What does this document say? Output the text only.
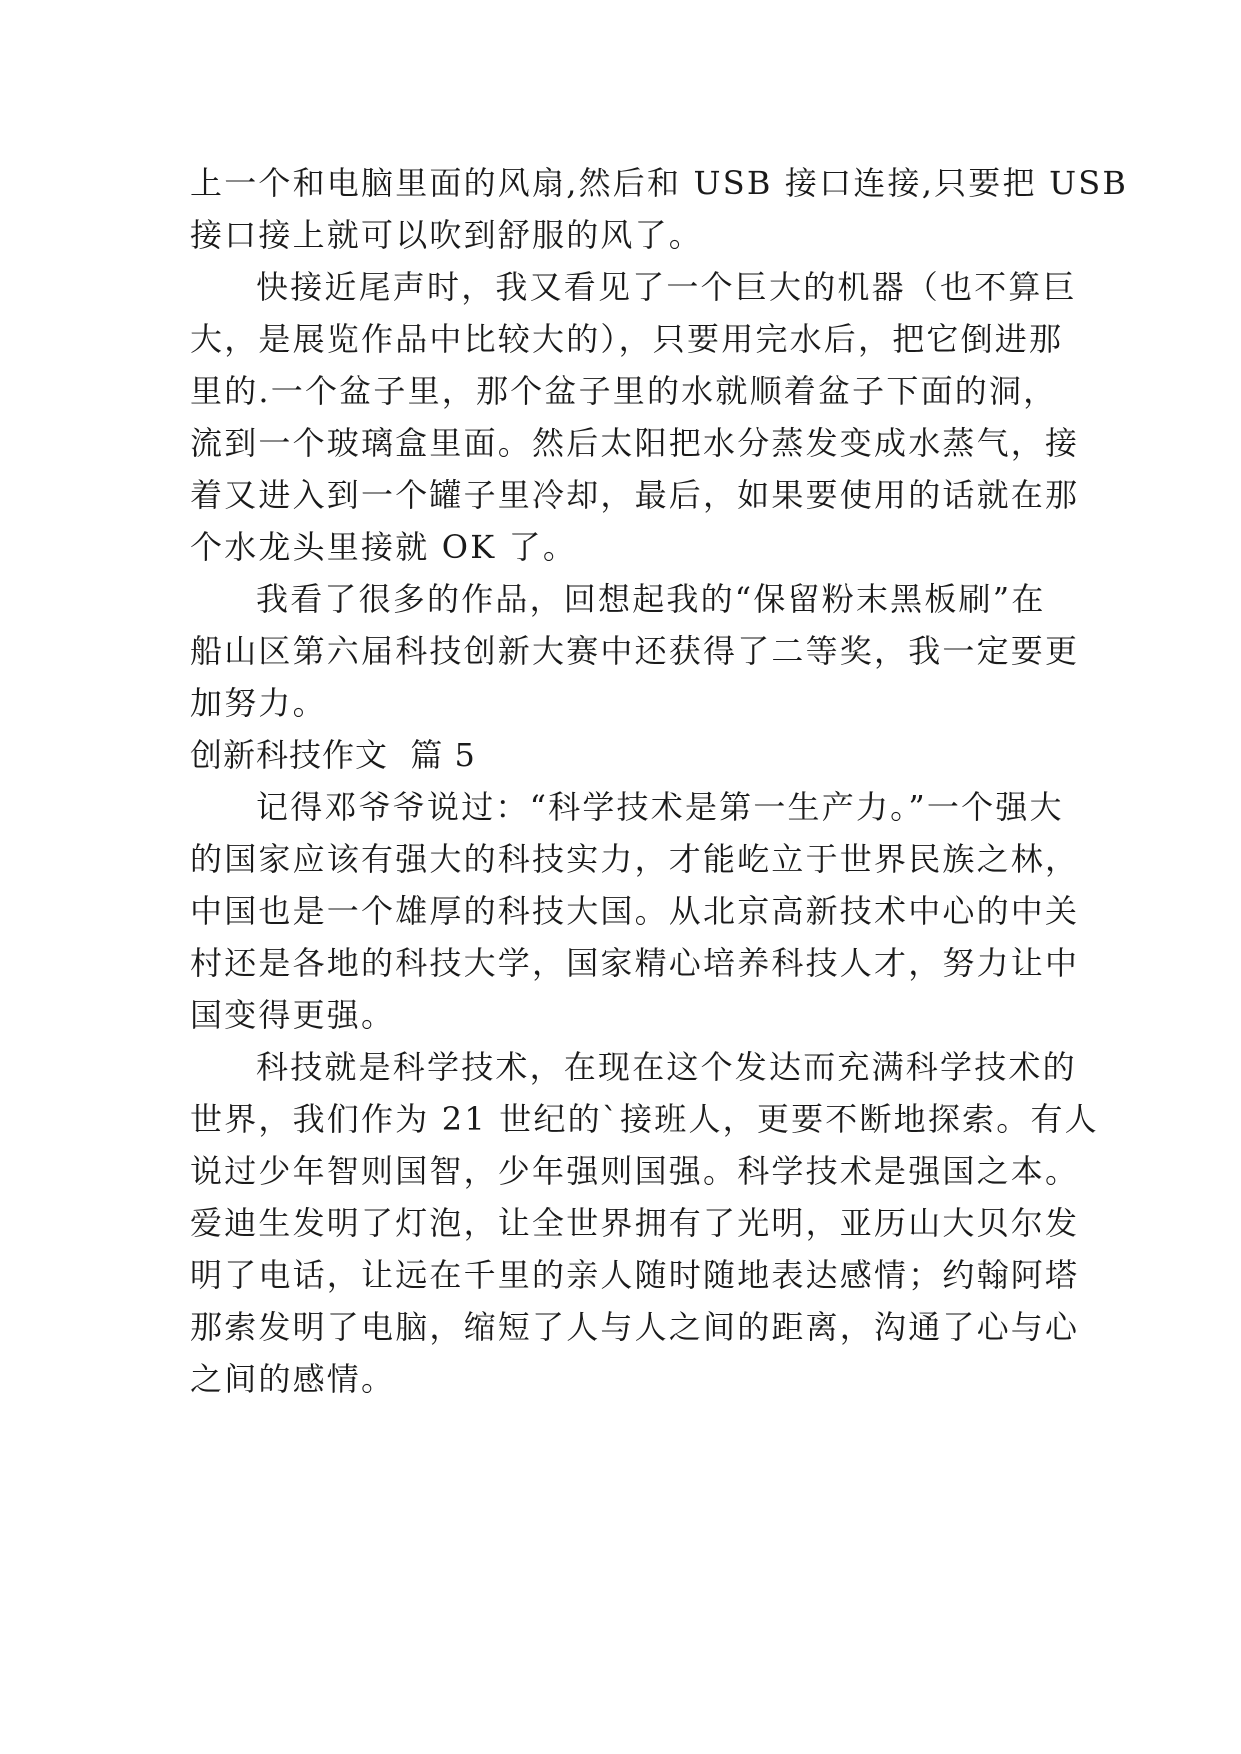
上一个和电脑里面的风扇,然后和 USB 接口连接,只要把 USB
接口接上就可以吹到舒服的风了。
快接近尾声时，我又看见了一个巨大的机器（也不算巨
大，是展览作品中比较大的），只要用完水后，把它倒进那
里的.一个盆子里，那个盆子里的水就顺着盆子下面的洞，
流到一个玻璃盒里面。然后太阳把水分蒸发变成水蒸气，接
着又进入到一个罐子里冷却，最后，如果要使用的话就在那
个水龙头里接就 OK 了。
我看了很多的作品，回想起我的“保留粉末黑板刷”在
船山区第六届科技创新大赛中还获得了二等奖，我一定要更
加努力。
创新科技作文  篇 5
记得邓爷爷说过：“科学技术是第一生产力。”一个强大
的国家应该有强大的科技实力，才能屹立于世界民族之林，
中国也是一个雄厚的科技大国。从北京高新技术中心的中关
村还是各地的科技大学，国家精心培养科技人才，努力让中
国变得更强。
科技就是科学技术，在现在这个发达而充满科学技术的
世界，我们作为 21 世纪的`接班人，更要不断地探索。有人
说过少年智则国智，少年强则国强。科学技术是强国之本。
爱迪生发明了灯泡，让全世界拥有了光明，亚历山大贝尔发
明了电话，让远在千里的亲人随时随地表达感情；约翰阿塔
那索发明了电脑，缩短了人与人之间的距离，沟通了心与心
之间的感情。
